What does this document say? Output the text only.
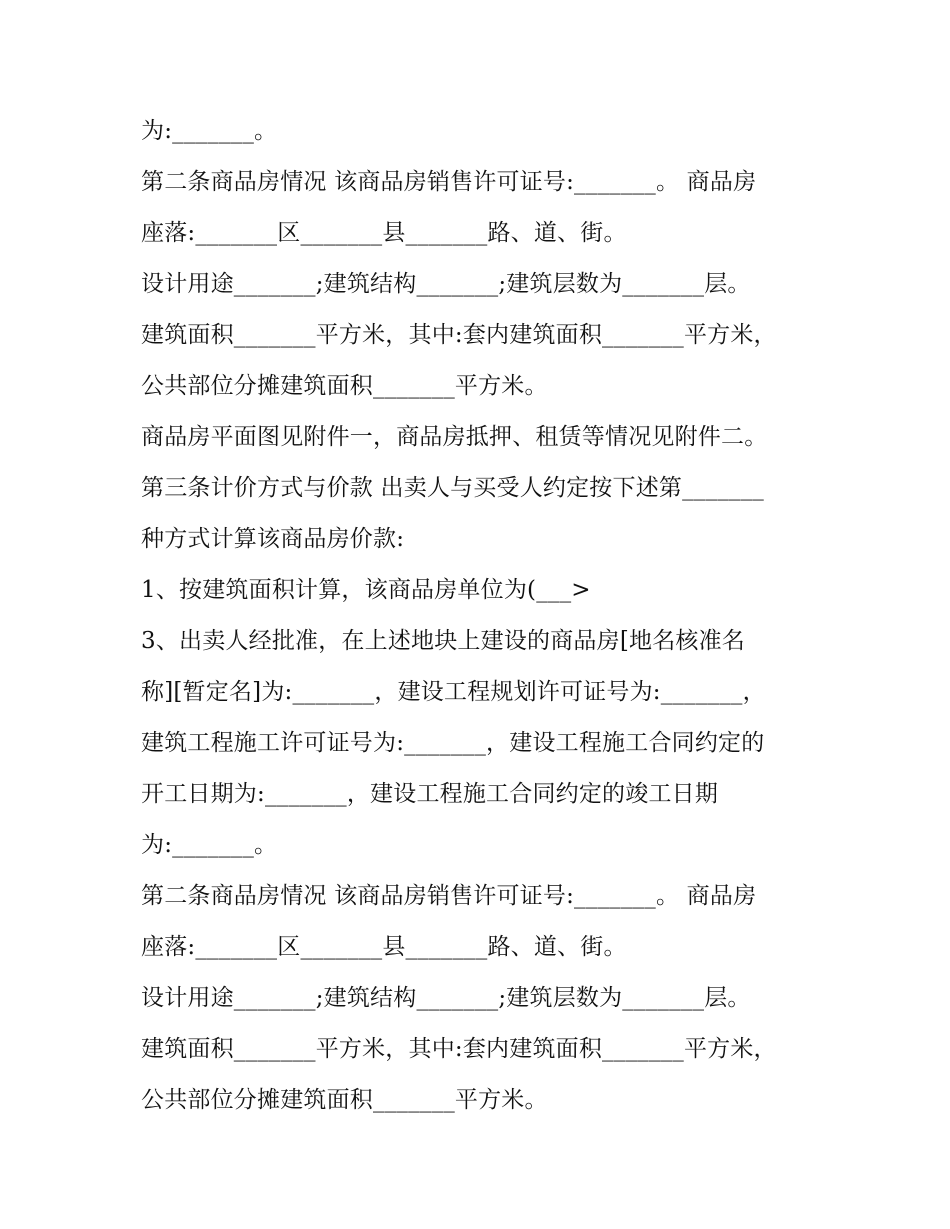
为:_______。
第二条商品房情况 该商品房销售许可证号:_______。 商品房
座落:_______区_______县_______路、道、街。
设计用途_______;建筑结构_______;建筑层数为_______层。
建筑面积_______平方米，其中:套内建筑面积_______平方米，
公共部位分摊建筑面积_______平方米。
商品房平面图见附件一，商品房抵押、租赁等情况见附件二。
第三条计价方式与价款 出卖人与买受人约定按下述第_______
种方式计算该商品房价款:
1、按建筑面积计算，该商品房单位为(___>
3、出卖人经批准，在上述地块上建设的商品房[地名核准名
称][暂定名]为:_______，建设工程规划许可证号为:_______，
建筑工程施工许可证号为:_______，建设工程施工合同约定的
开工日期为:_______，建设工程施工合同约定的竣工日期
为:_______。
第二条商品房情况 该商品房销售许可证号:_______。 商品房
座落:_______区_______县_______路、道、街。
设计用途_______;建筑结构_______;建筑层数为_______层。
建筑面积_______平方米，其中:套内建筑面积_______平方米，
公共部位分摊建筑面积_______平方米。
